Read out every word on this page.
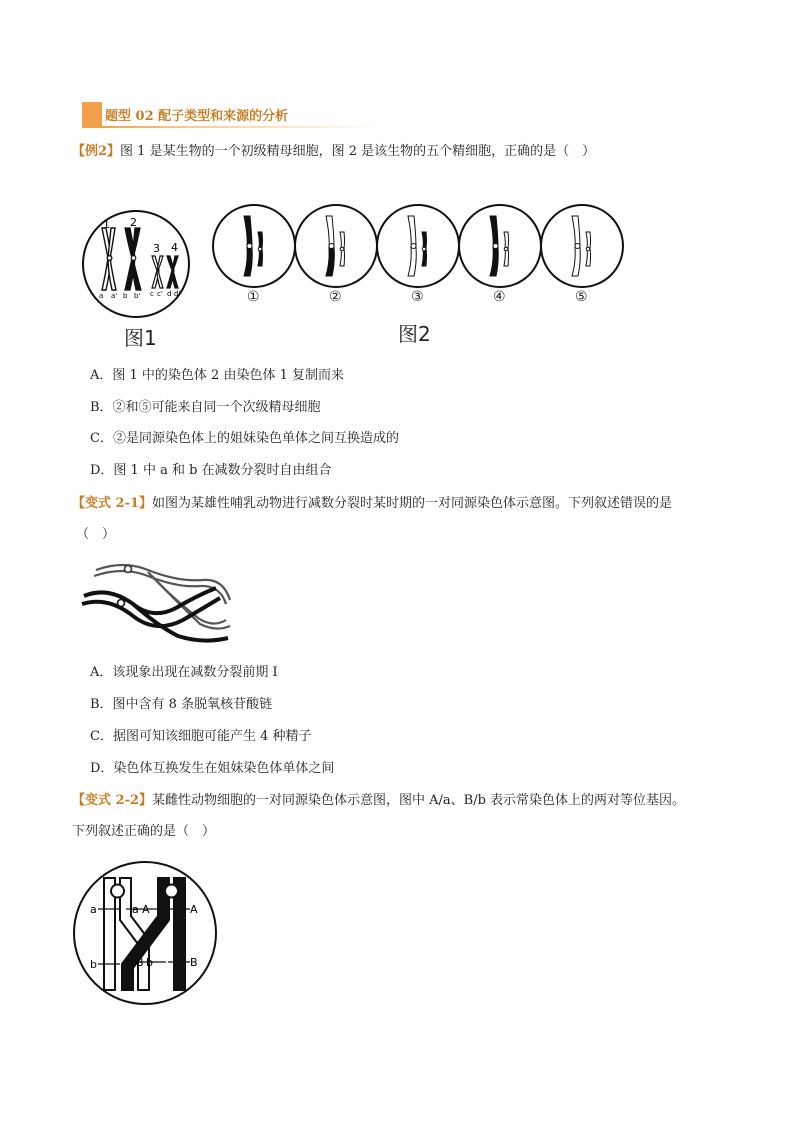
题型 02 配子类型和来源的分析
【例2】图 1 是某生物的一个初级精母细胞，图 2 是该生物的五个精细胞，正确的是（　）
1 2
3 4
a a' b b' c c' d d'
图1
①	②	③	④	⑤
图2
A．图 1 中的染色体 2 由染色体 1 复制而来
B．②和⑤可能来自同一个次级精母细胞
C．②是同源染色体上的姐妹染色单体之间互换造成的
D．图 1 中 a 和 b 在减数分裂时自由组合
【变式 2-1】如图为某雄性哺乳动物进行减数分裂时某时期的一对同源染色体示意图。下列叙述错误的是
（　）
A．该现象出现在减数分裂前期 I
B．图中含有 8 条脱氧核苷酸链
C．据图可知该细胞可能产生 4 种精子
D．染色体互换发生在姐妹染色体单体之间
【变式 2-2】某雌性动物细胞的一对同源染色体示意图，图中 A/a、B/b 表示常染色体上的两对等位基因。
下列叙述正确的是（　）
a
b
a A
B b
A
B
